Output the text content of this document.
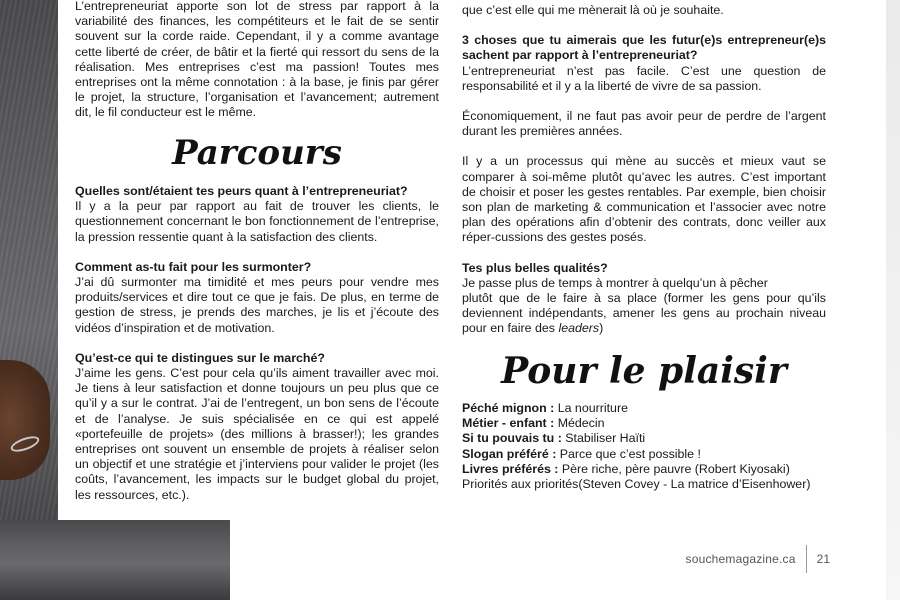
L’entrepreneuriat apporte son lot de stress par rapport à la variabilité des finances, les compétiteurs et le fait de se sentir souvent sur la corde raide. Cependant, il y a comme avantage cette liberté de créer, de bâtir et la fierté qui ressort du sens de la réalisation. Mes entreprises c’est ma passion! Toutes mes entreprises ont la même connotation : à la base, je finis par gérer le projet, la structure, l’organisation et l’avancement; autrement dit, le fil conducteur est le même.

Parcours

Quelles sont/étaient tes peurs quant à l’entrepreneuriat?

Il y a la peur par rapport au fait de trouver les clients, le questionnement concernant le bon fonctionnement de l’entreprise, la pression ressentie quant à la satisfaction des clients.

Comment as-tu fait pour les surmonter?

J’ai dû surmonter ma timidité et mes peurs pour vendre mes produits/services et dire tout ce que je fais. De plus, en terme de gestion de stress, je prends des marches, je lis et j’écoute des vidéos d’inspiration et de motivation.

Qu’est-ce qui te distingues sur le marché?

J’aime les gens. C’est pour cela qu’ils aiment travailler avec moi. Je tiens à leur satisfaction et donne toujours un peu plus que ce qu’il y a sur le contrat. J’ai de l’entregent, un bon sens de l’écoute et de l’analyse. Je suis spécialisée en ce qui est appelé «portefeuille de projets» (des millions à brasser!); les grandes entreprises ont souvent un ensemble de projets à réaliser selon un objectif et une stratégie et j’interviens pour valider le projet (les coûts, l’avancement, les impacts sur le budget global du projet, les ressources, etc.).

que c’est elle qui me mènerait là où je souhaite.

3 choses que tu aimerais que les futur(e)s entrepreneur(e)s sachent par rapport à l’entrepreneuriat?

L’entrepreneuriat n’est pas facile. C’est une question de responsabilité et il y a la liberté de vivre de sa passion.

Économiquement, il ne faut pas avoir peur de perdre de l’argent durant les premières années.

Il y a un processus qui mène au succès et mieux vaut se comparer à soi-même plutôt qu’avec les autres. C’est important de choisir et poser les gestes rentables. Par exemple, bien choisir son plan de marketing & communication et l’associer avec notre plan des opérations afin d’obtenir des contrats, donc veiller aux réper-cussions des gestes posés.

Tes plus belles qualités?

Je passe plus de temps à montrer à quelqu’un à pêcher

plutôt que de le faire à sa place (former les gens pour qu’ils deviennent indépendants, amener les gens au prochain niveau pour en faire des leaders)

Pour le plaisir

Péché mignon : La nourriture

Métier - enfant : Médecin

Si tu pouvais tu : Stabiliser Haïti

Slogan préféré : Parce que c’est possible !

Livres préférés : Père riche, père pauvre (Robert Kiyosaki)

Priorités aux priorités(Steven Covey - La matrice d’Eisenhower)

souchemagazine.ca 21
